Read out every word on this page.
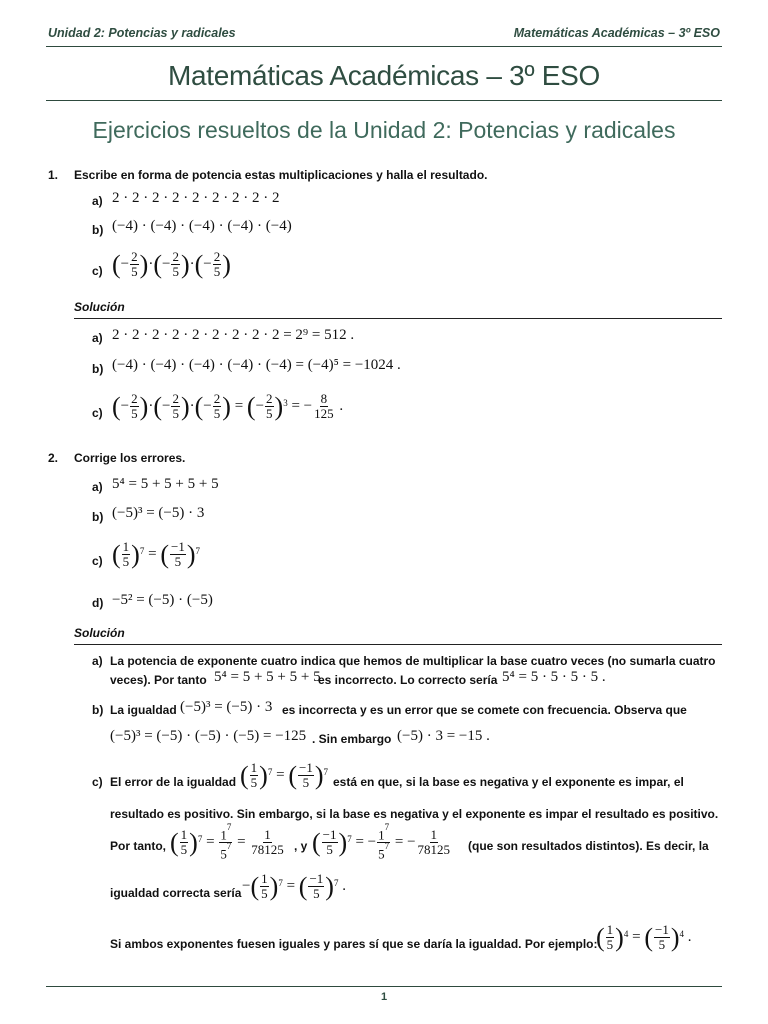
Unidad 2: Potencias y radicales	Matemáticas Académicas – 3º ESO
Matemáticas Académicas – 3º ESO
Ejercicios resueltos de la Unidad 2: Potencias y radicales
1. Escribe en forma de potencia estas multiplicaciones y halla el resultado.
a) 2 · 2 · 2 · 2 · 2 · 2 · 2 · 2 · 2
b) (−4) · (−4) · (−4) · (−4) · (−4)
c) ( − 2
5 ) · ( − 2
5 ) · ( − 2
5 )
Solución
a) 2 · 2 · 2 · 2 · 2 · 2 · 2 · 2 · 2 = 2⁹ = 512 .
b) (−4) · (−4) · (−4) · (−4) · (−4) = (−4)⁵ = −1024 .
c) ( − 2
5 ) · ( − 2
5 ) · ( − 2
5 ) = ( − 2
5 )$^3$ = − 8
125 .
2. Corrige los errores.
a) 5⁴ = 5 + 5 + 5 + 5
b) (−5)³ = (−5) · 3
c) ( 1
5 )$^7$ = ( −1
5 )$^7$
d) −5² = (−5) · (−5)
Solución
a) La potencia de exponente cuatro indica que hemos de multiplicar la base cuatro veces (no sumarla cuatro
veces). Por tanto 5⁴ = 5 + 5 + 5 + 5
es incorrecto. Lo correcto sería 5⁴ = 5 · 5 · 5 · 5 .
b) La igualdad (−5)³ = (−5) · 3 es incorrecta y es un error que se comete con frecuencia. Observa que
(−5)³ = (−5) · (−5) · (−5) = −125 . Sin embargo (−5) · 3 = −15 .
c) El error de la igualdad ( 1
5 )$^7$ = ( −1
5 )$^7$
está en que, si la base es negativa y el exponente es impar, el
resultado es positivo. Sin embargo, si la base es negativa y el exponente es impar el resultado es positivo.
Por tanto, ( 1
5 )$^7 = 1^7$
$5^7 = 1$
78125 , y ( −1
5 )$^7$ = − $1^7$
$5^7$ = − 1
78125 (que son resultados distintos). Es decir, la
igualdad correcta sería − ( 1
5 )$^7$ = ( −1
5 )$^7$ .
Si ambos exponentes fuesen iguales y pares sí que se daría la igualdad. Por ejemplo:
( 1
5 )$^4$ = ( −1
5 )$^4$ .
1
